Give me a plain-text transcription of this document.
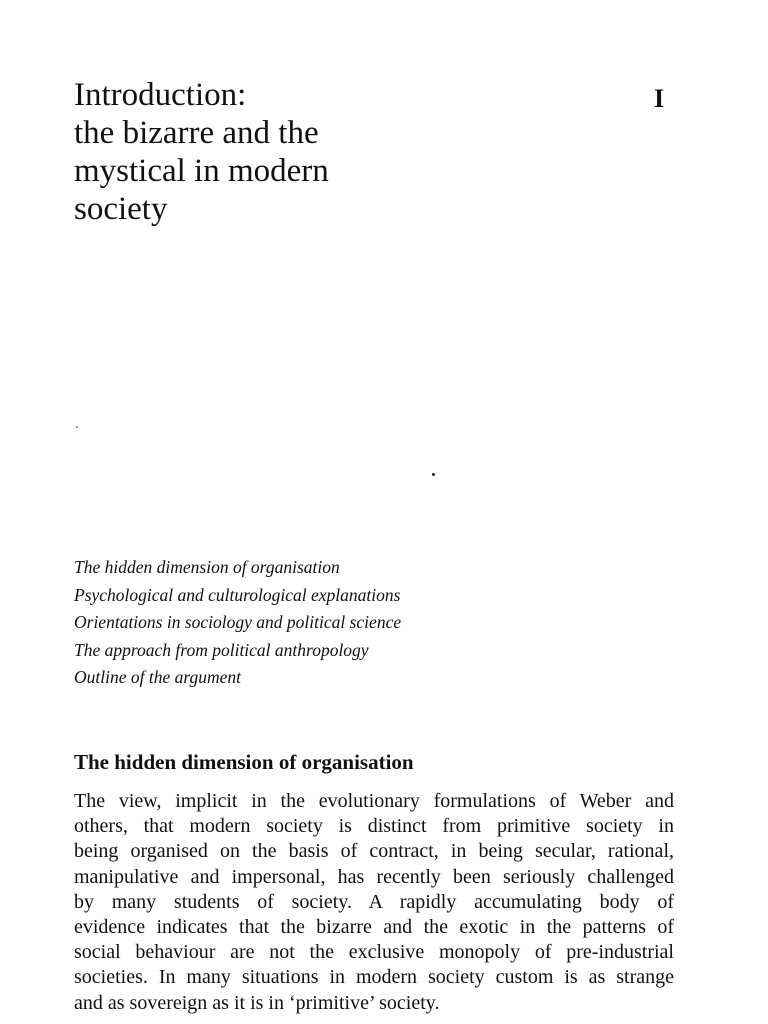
Introduction:
the bizarre and the
mystical in modern
society
I
The hidden dimension of organisation
Psychological and culturological explanations
Orientations in sociology and political science
The approach from political anthropology
Outline of the argument
The hidden dimension of organisation

The view, implicit in the evolutionary formulations of Weber and
others, that modern society is distinct from primitive society in
being organised on the basis of contract, in being secular, rational,
manipulative and impersonal, has recently been seriously challenged
by many students of society. A rapidly accumulating body of
evidence indicates that the bizarre and the exotic in the patterns of
social behaviour are not the exclusive monopoly of pre-industrial
societies. In many situations in modern society custom is as strange
and as sovereign as it is in ‘primitive’ society.
